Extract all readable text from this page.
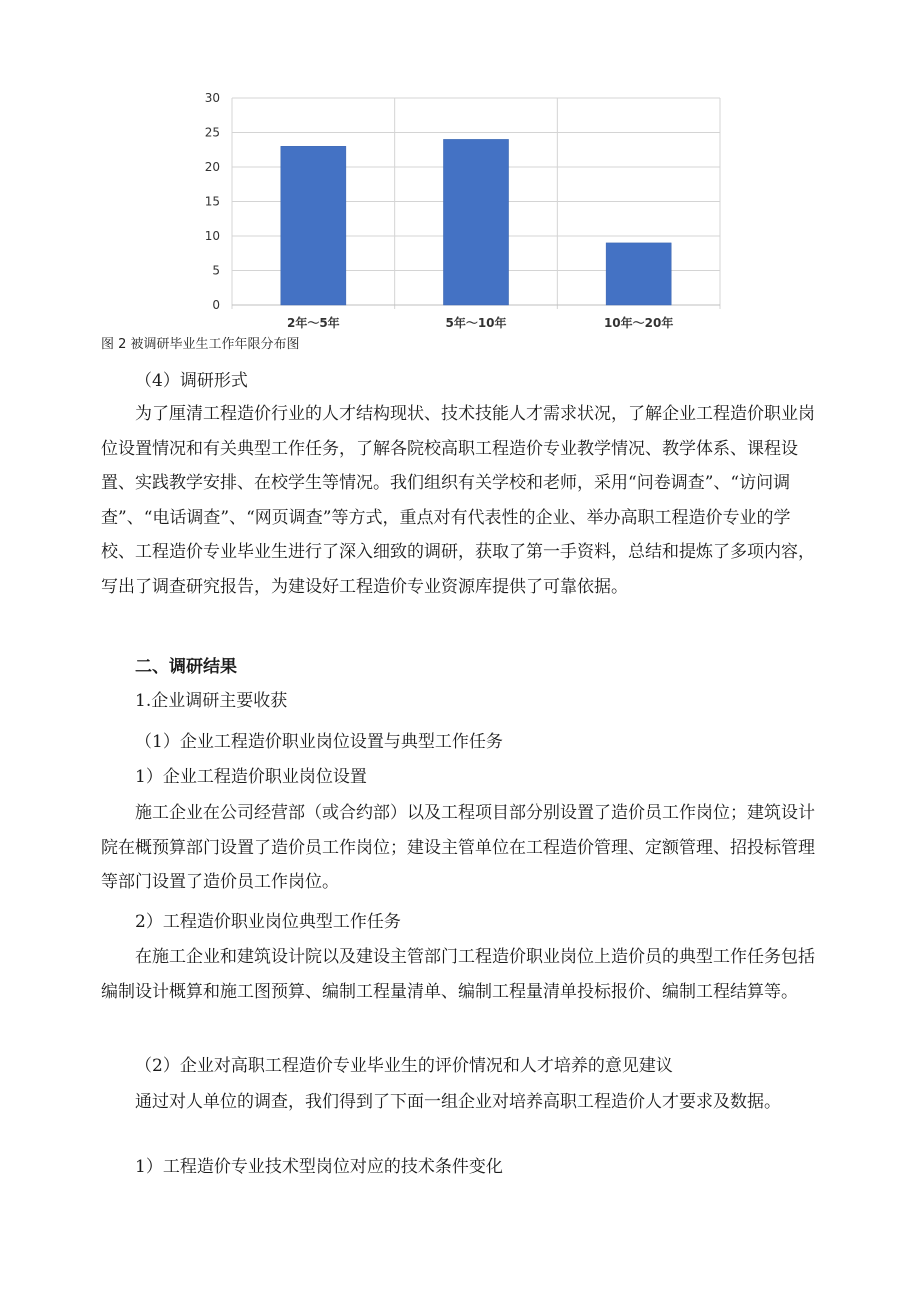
0
5
10
15
20
25
30
2年～5年	5年～10年	10年～20年
图 2 被调研毕业生工作年限分布图
（4）调研形式
为了厘清工程造价行业的人才结构现状、技术技能人才需求状况，了解企业工程造价职业岗位设置情况和有关典型工作任务，了解各院校高职工程造价专业教学情况、教学体系、课程设置、实践教学安排、在校学生等情况。我们组织有关学校和老师，采用“问卷调查”、“访问调查”、“电话调查”、“网页调查”等方式，重点对有代表性的企业、举办高职工程造价专业的学校、工程造价专业毕业生进行了深入细致的调研，获取了第一手资料，总结和提炼了多项内容，写出了调查研究报告，为建设好工程造价专业资源库提供了可靠依据。
二、调研结果
1.企业调研主要收获
（1）企业工程造价职业岗位设置与典型工作任务
1）企业工程造价职业岗位设置
施工企业在公司经营部（或合约部）以及工程项目部分别设置了造价员工作岗位；建筑设计院在概预算部门设置了造价员工作岗位；建设主管单位在工程造价管理、定额管理、招投标管理等部门设置了造价员工作岗位。
2）工程造价职业岗位典型工作任务
在施工企业和建筑设计院以及建设主管部门工程造价职业岗位上造价员的典型工作任务包括编制设计概算和施工图预算、编制工程量清单、编制工程量清单投标报价、编制工程结算等。
（2）企业对高职工程造价专业毕业生的评价情况和人才培养的意见建议
通过对人单位的调查，我们得到了下面一组企业对培养高职工程造价人才要求及数据。
1）工程造价专业技术型岗位对应的技术条件变化
